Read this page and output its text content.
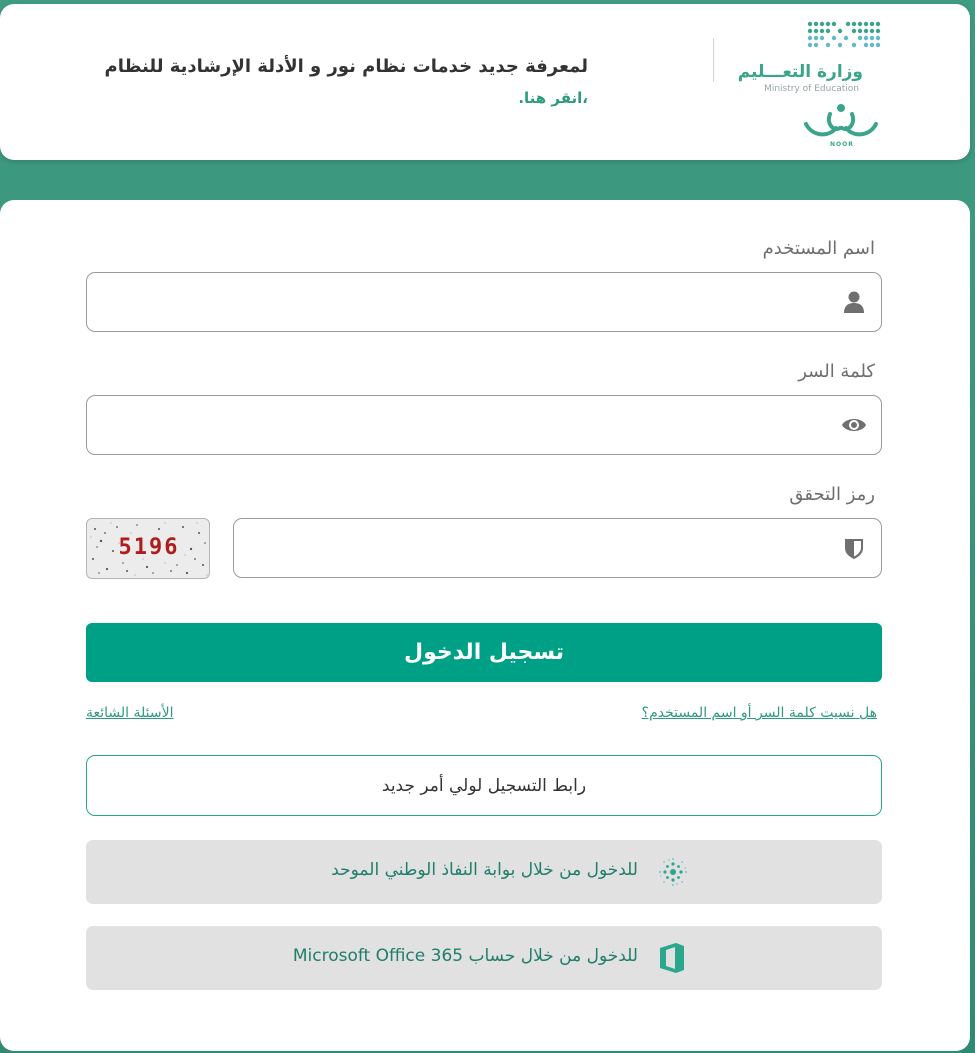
وزارة التعـــليم
Ministry of Education
NOOR
لمعرفة جديد خدمات نظام نور و الأدلة الإرشادية للنظام
،انقر هنا.
اسم المستخدم
كلمة السر
رمز التحقق
5196
تسجيل الدخول
هل نسيت كلمة السر أو اسم المستخدم؟
الأسئلة الشائعة
رابط التسجيل لولي أمر جديد
للدخول من خلال بوابة النفاذ الوطني الموحد
للدخول من خلال حساب Microsoft Office 365
